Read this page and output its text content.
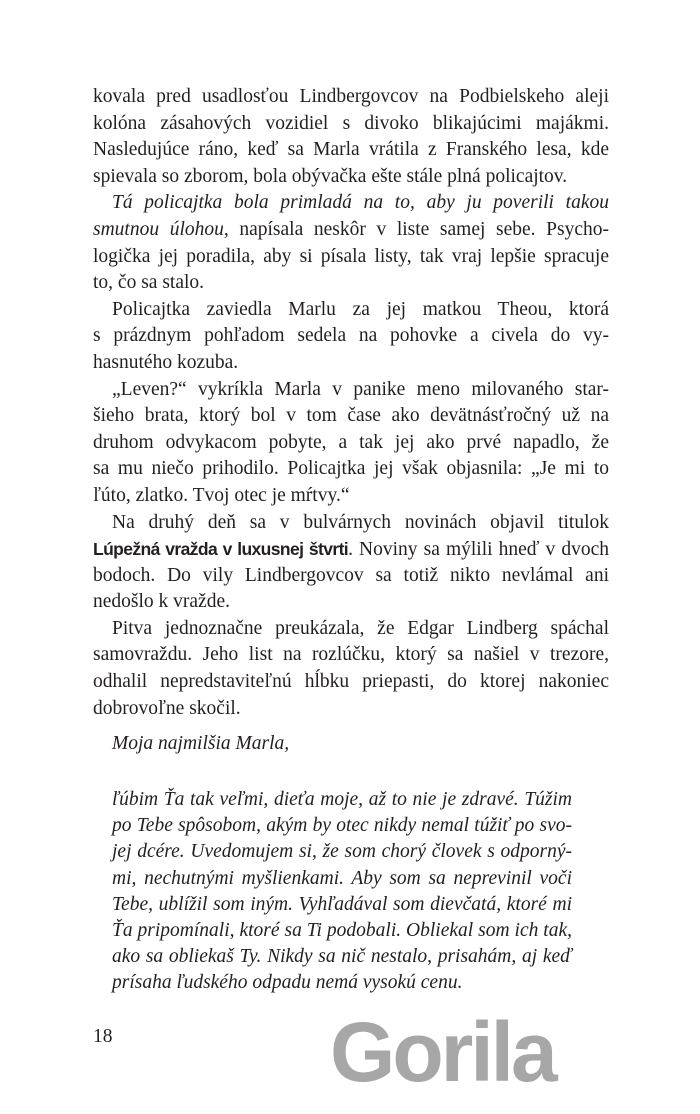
kovala pred usadlosťou Lindbergovcov na Podbielskeho aleji
kolóna zásahových vozidiel s divoko blikajúcimi majákmi.
Nasledujúce ráno, keď sa Marla vrátila z Franského lesa, kde
spievala so zborom, bola obývačka ešte stále plná policajtov.
Tá policajtka bola primladá na to, aby ju poverili takou
smutnou úlohou, napísala neskôr v liste samej sebe. Psycho-
logička jej poradila, aby si písala listy, tak vraj lepšie spracuje
to, čo sa stalo.
Policajtka zaviedla Marlu za jej matkou Theou, ktorá
s prázdnym pohľadom sedela na pohovke a civela do vy-
hasnutého kozuba.
„Leven?“ vykríkla Marla v panike meno milovaného star-
šieho brata, ktorý bol v tom čase ako devätnásťročný už na
druhom odvykacom pobyte, a tak jej ako prvé napadlo, že
sa mu niečo prihodilo. Policajtka jej však objasnila: „Je mi to
ľúto, zlatko. Tvoj otec je mŕtvy.“
Na druhý deň sa v bulvárnych novinách objavil titulok
Lúpežná vražda v luxusnej štvrti. Noviny sa mýlili hneď v dvoch
bodoch. Do vily Lindbergovcov sa totiž nikto nevlámal ani
nedošlo k vražde.
Pitva jednoznačne preukázala, že Edgar Lindberg spáchal
samovraždu. Jeho list na rozlúčku, ktorý sa našiel v trezore,
odhalil nepredstaviteľnú hĺbku priepasti, do ktorej nakoniec
dobrovoľne skočil.
Moja najmilšia Marla,
ľúbim Ťa tak veľmi, dieťa moje, až to nie je zdravé. Túžim
po Tebe spôsobom, akým by otec nikdy nemal túžiť po svo-
jej dcére. Uvedomujem si, že som chorý človek s odporný-
mi, nechutnými myšlienkami. Aby som sa neprevinil voči
Tebe, ublížil som iným. Vyhľadával som dievčatá, ktoré mi
Ťa pripomínali, ktoré sa Ti podobali. Obliekal som ich tak,
ako sa obliekaš Ty. Nikdy sa nič nestalo, prisahám, aj keď
prísaha ľudského odpadu nemá vysokú cenu.
18	Gorila
